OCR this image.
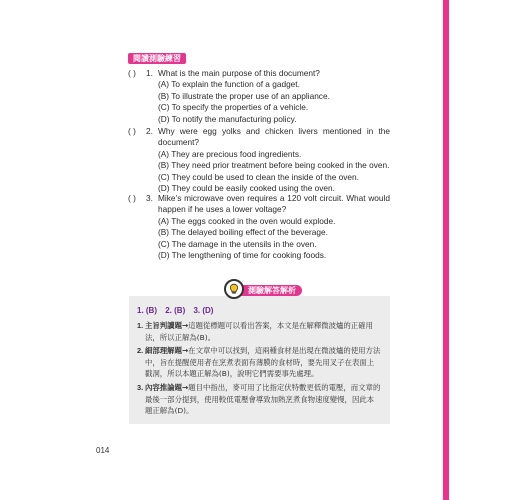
閱讀測驗練習
( )	1. What is the main purpose of this document?
(A) To explain the function of a gadget.
(B) To illustrate the proper use of an appliance.
(C) To specify the properties of a vehicle.
(D) To notify the manufacturing policy.
( )	2. Why were egg yolks and chicken livers mentioned in the document?
(A) They are precious food ingredients.
(B) They need prior treatment before being cooked in the oven.
(C) They could be used to clean the inside of the oven.
(D) They could be easily cooked using the oven.
( )	3. Mike’s microwave oven requires a 120 volt circuit. What would happen if he uses a lower voltage?
(A) The eggs cooked in the oven would explode.
(B) The delayed boiling effect of the beverage.
(C) The damage in the utensils in the oven.
(D) The lengthening of time for cooking foods.
測驗解答解析
1. (B) 2. (B) 3. (D)
1. 主旨判讀題→這題從標題可以看出答案，本文是在解釋微波爐的正確用法，所以正解為(B)。
2. 細部理解題→在文章中可以找到，這兩種食材是出現在微波爐的使用方法中，旨在提醒使用者在烹煮表面有薄膜的食材時，要先用叉子在表面上戳洞，所以本題正解為(B)，說明它們需要事先處理。
3. 內容推論題→題目中指出，麥可用了比指定伏特數更低的電壓，而文章的最後一部分提到，使用較低電壓會導致加熱烹煮食物速度變慢，因此本題正解為(D)。
014
